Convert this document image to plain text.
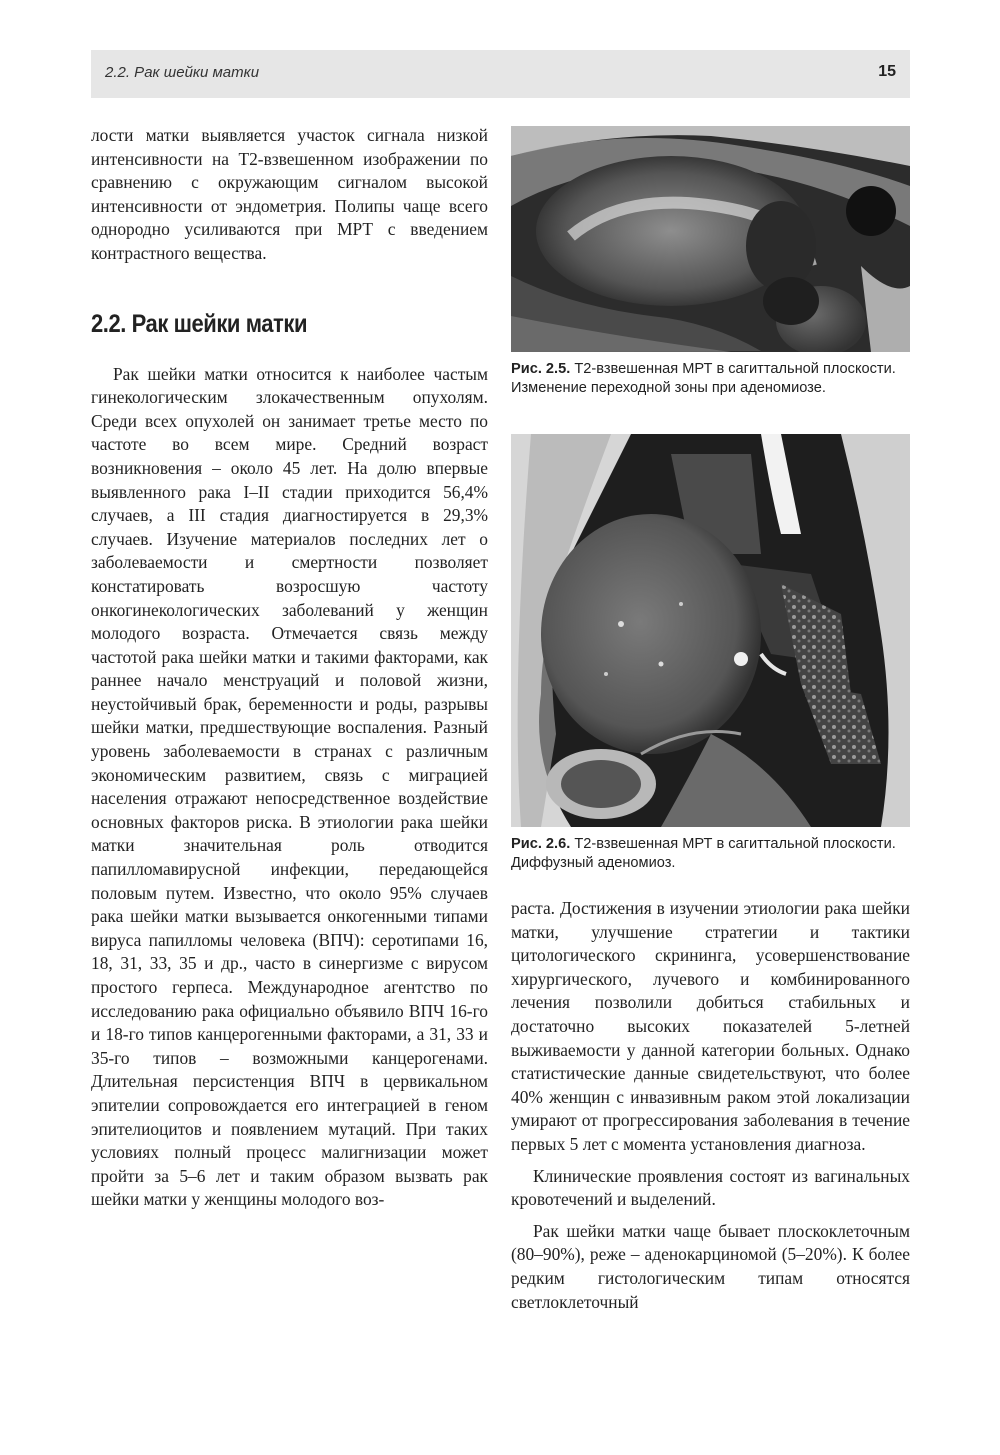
2.2. Рак шейки матки	15

лости матки выявляется участок сигнала низкой интенсивности на Т2-взвешенном изображении по сравнению с окружающим сигналом высокой интенсивности от эндометрия. Полипы чаще всего однородно усиливаются при МРТ с введением контрастного вещества.

2.2. Рак шейки матки

Рак шейки матки относится к наиболее частым гинекологическим злокачественным опухолям. Среди всех опухолей он занимает третье место по частоте во всем мире. Средний возраст возникновения – около 45 лет. На долю впервые выявленного рака I–II стадии приходится 56,4% случаев, а III стадия диагностируется в 29,3% случаев. Изучение материалов последних лет о заболеваемости и смертности позволяет констатировать возросшую частоту онкогинекологических заболеваний у женщин молодого возраста. Отмечается связь между частотой рака шейки матки и такими факторами, как раннее начало менструаций и половой жизни, неустойчивый брак, беременности и роды, разрывы шейки матки, предшествующие воспаления. Разный уровень заболеваемости в странах с различным экономическим развитием, связь с миграцией населения отражают непосредственное воздействие основных факторов риска. В этиологии рака шейки матки значительная роль отводится папилломавирусной инфекции, передающейся половым путем. Известно, что около 95% случаев рака шейки матки вызывается онкогенными типами вируса папилломы человека (ВПЧ): серотипами 16, 18, 31, 33, 35 и др., часто в синергизме с вирусом простого герпеса. Международное агентство по исследованию рака официально объявило ВПЧ 16-го и 18-го типов канцерогенными факторами, а 31, 33 и 35-го типов – возможными канцерогенами. Длительная персистенция ВПЧ в цервикальном эпителии сопровождается его интеграцией в геном эпителиоцитов и появлением мутаций. При таких условиях полный процесс малигнизации может пройти за 5–6 лет и таким образом вызвать рак шейки матки у женщины молодого воз-

Рис. 2.5. Т2-взвешенная МРТ в сагиттальной плоскости. Изменение переходной зоны при аденомиозе.
Рис. 2.6. Т2-взвешенная МРТ в сагиттальной плоскости. Диффузный аденомиоз.

раста. Достижения в изучении этиологии рака шейки матки, улучшение стратегии и тактики цитологического скрининга, усовершенствование хирургического, лучевого и комбинированного лечения позволили добиться стабильных и достаточно высоких показателей 5-летней выживаемости у данной категории больных. Однако статистические данные свидетельствуют, что более 40% женщин с инвазивным раком этой локализации умирают от прогрессирования заболевания в течение первых 5 лет с момента установления диагноза.

Клинические проявления состоят из вагинальных кровотечений и выделений.

Рак шейки матки чаще бывает плоскоклеточным (80–90%), реже – аденокарциномой (5–20%). К более редким гистологическим типам относятся светлоклеточный
